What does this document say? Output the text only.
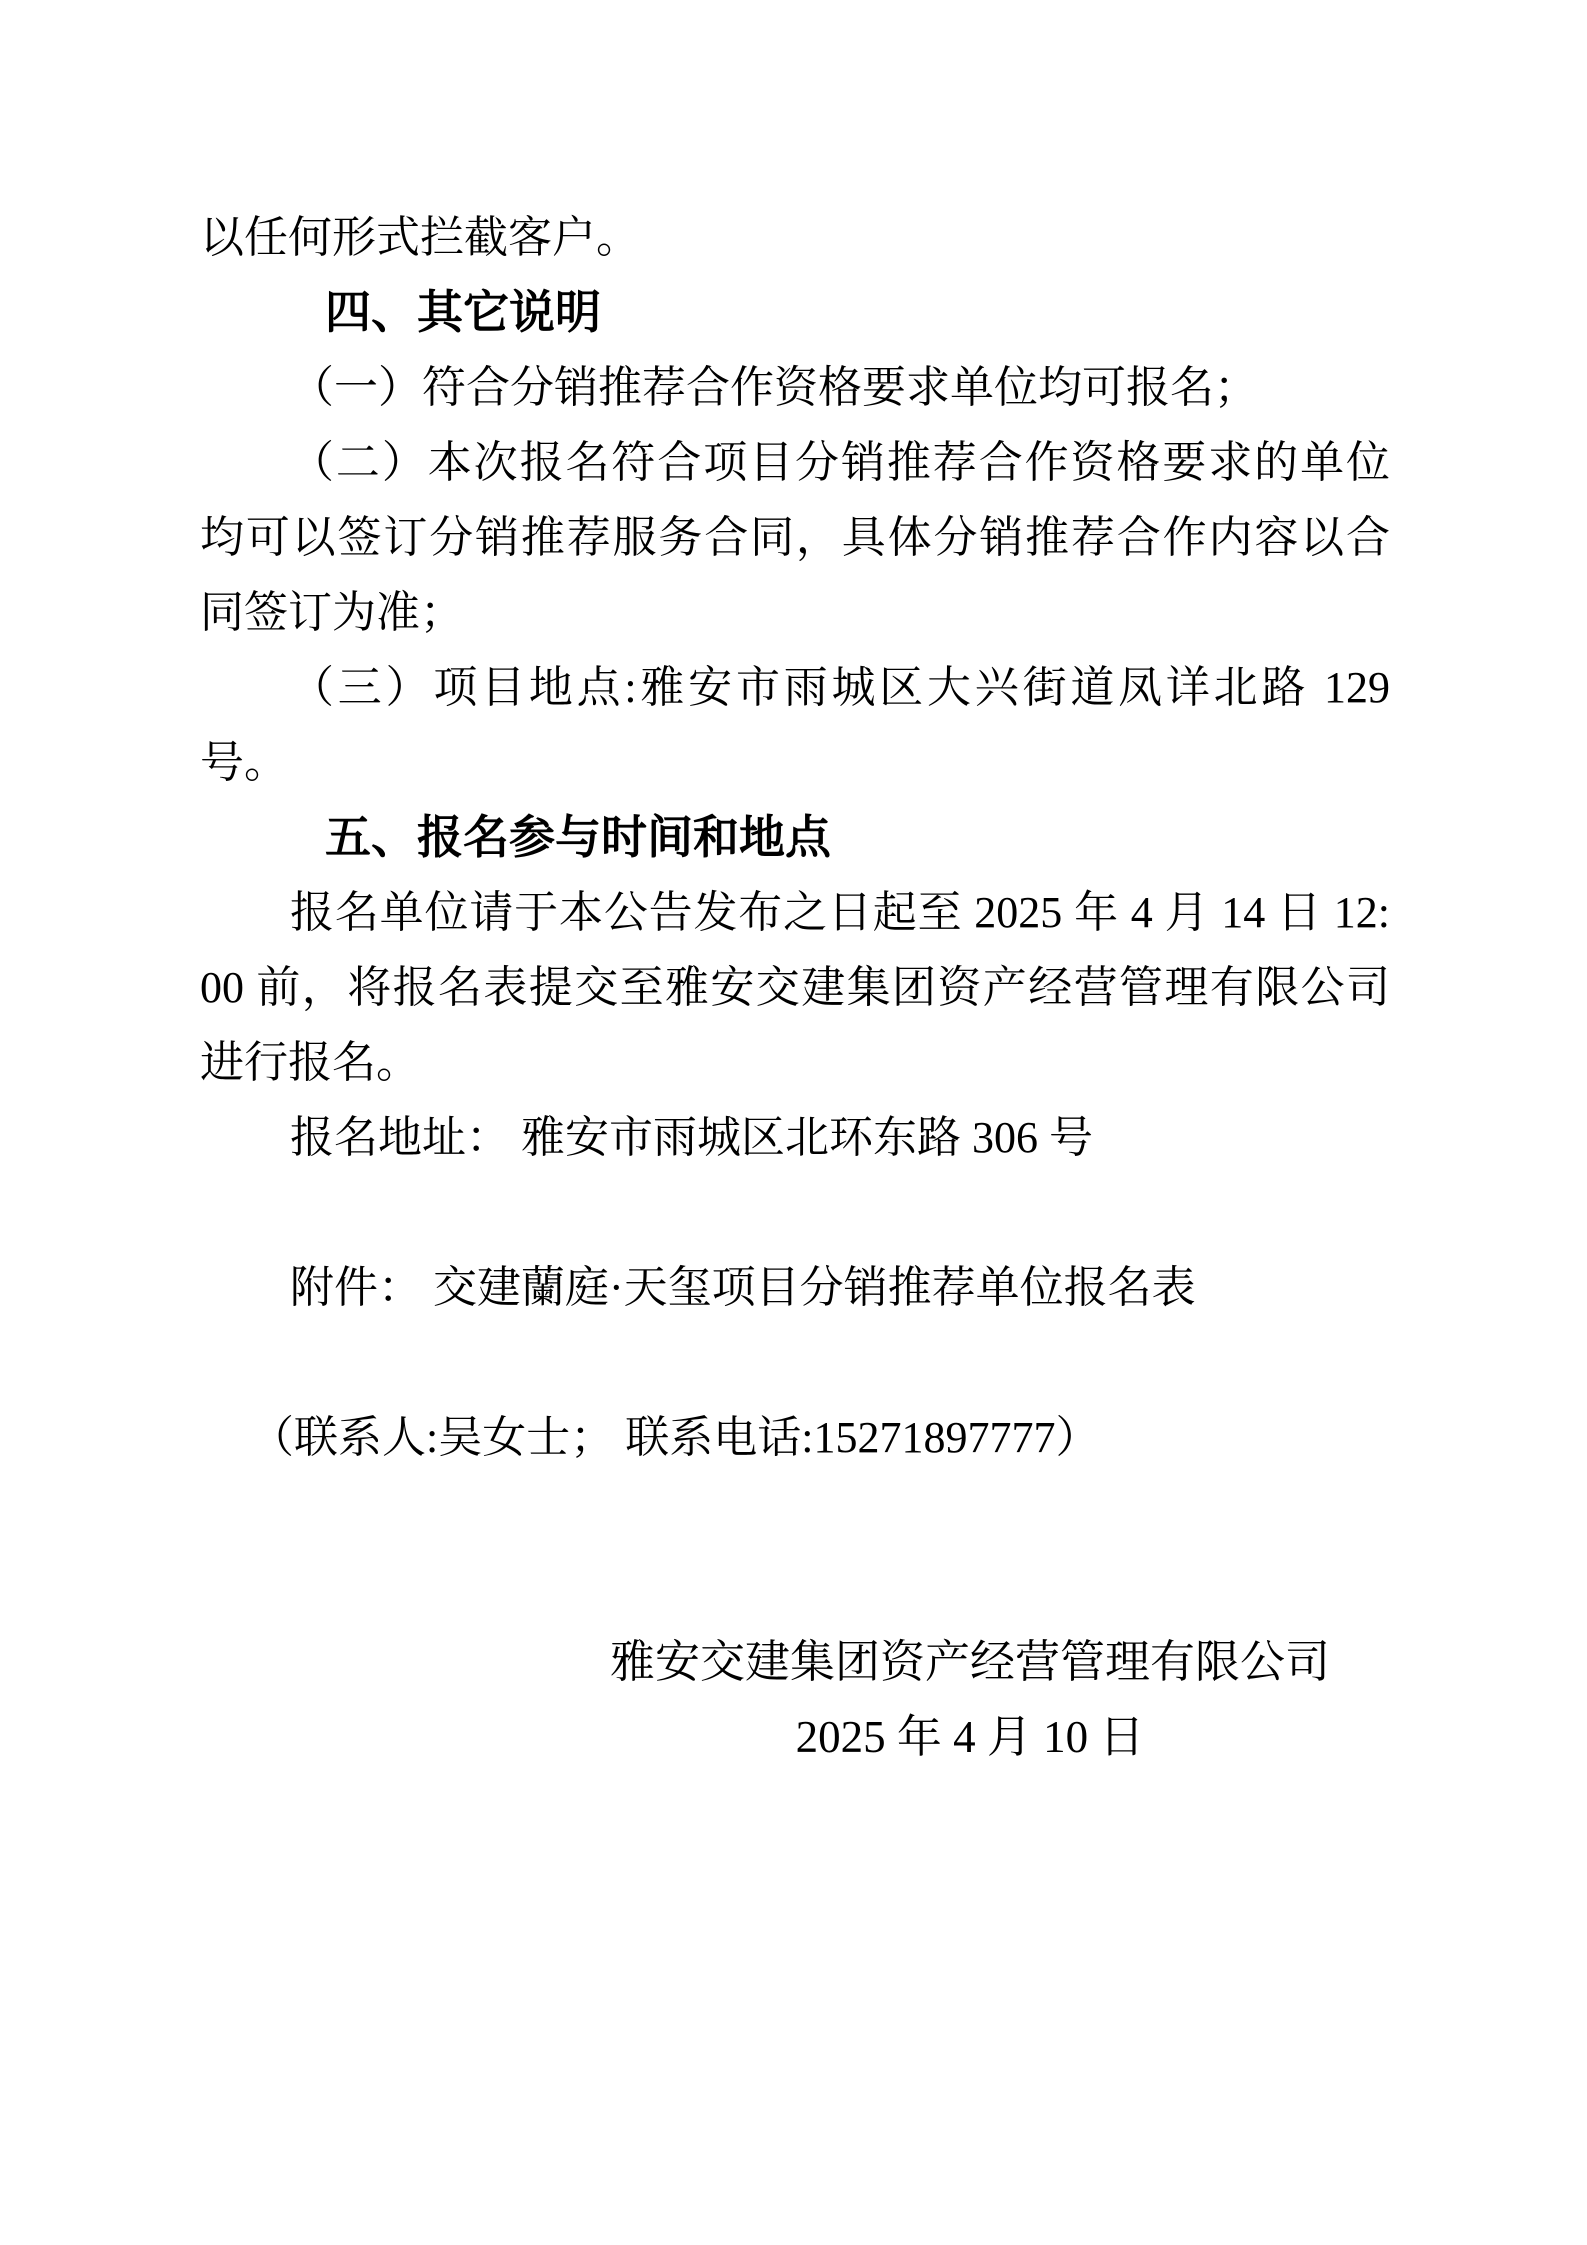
以任何形式拦截客户。

四、其它说明

（一）符合分销推荐合作资格要求单位均可报名；

（二）本次报名符合项目分销推荐合作资格要求的单位

均可以签订分销推荐服务合同，具体分销推荐合作内容以合

同签订为准；

（三）项目地点:雅安市雨城区大兴街道凤详北路 129

号。

五、报名参与时间和地点

报名单位请于本公告发布之日起至 2025 年 4 月 14 日 12:

00 前，将报名表提交至雅安交建集团资产经营管理有限公司

进行报名。

报名地址： 雅安市雨城区北环东路 306 号

附件： 交建蘭庭·天玺项目分销推荐单位报名表

（联系人:吴女士； 联系电话:15271897777）

雅安交建集团资产经营管理有限公司

2025 年 4 月 10 日
